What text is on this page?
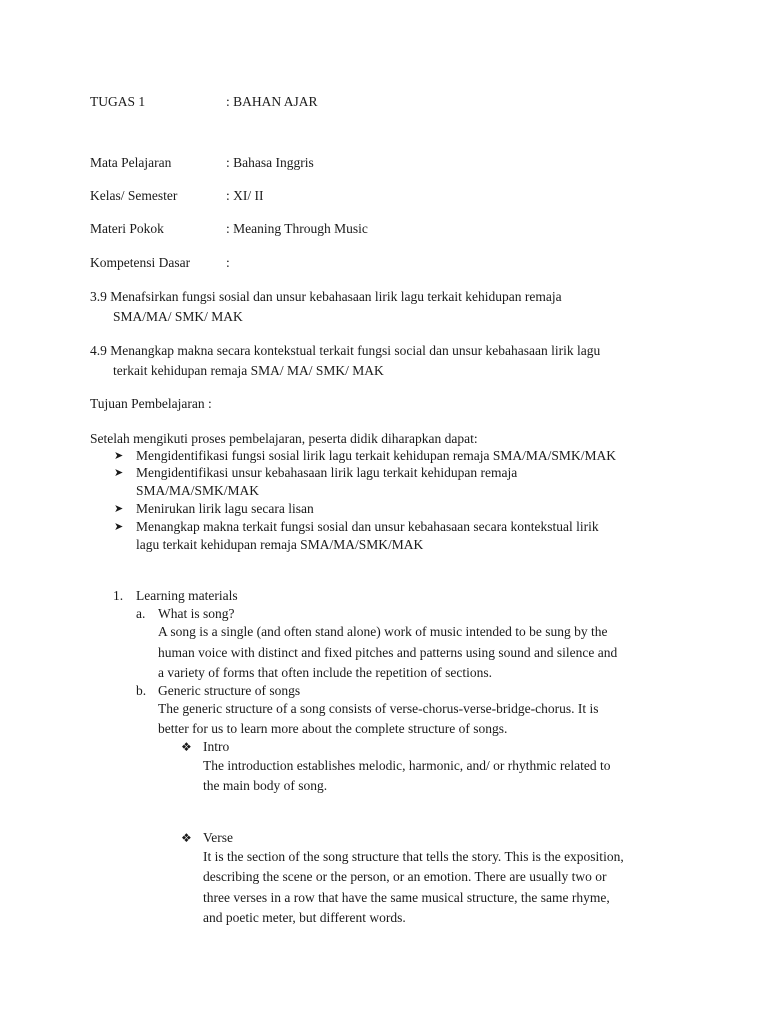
TUGAS 1	: BAHAN AJAR
Mata Pelajaran	: Bahasa Inggris
Kelas/ Semester	: XI/ II
Materi Pokok	: Meaning Through Music
Kompetensi Dasar	:
3.9 Menafsirkan fungsi sosial dan unsur kebahasaan lirik lagu terkait kehidupan remaja
SMA/MA/ SMK/ MAK
4.9 Menangkap makna secara kontekstual terkait fungsi social dan unsur kebahasaan lirik lagu
terkait kehidupan remaja SMA/ MA/ SMK/ MAK
Tujuan Pembelajaran :
Setelah mengikuti proses pembelajaran, peserta didik diharapkan dapat:
➤ Mengidentifikasi fungsi sosial lirik lagu terkait kehidupan remaja SMA/MA/SMK/MAK
➤ Mengidentifikasi unsur kebahasaan lirik lagu terkait kehidupan remaja
SMA/MA/SMK/MAK
➤ Menirukan lirik lagu secara lisan
➤ Menangkap makna terkait fungsi sosial dan unsur kebahasaan secara kontekstual lirik
lagu terkait kehidupan remaja SMA/MA/SMK/MAK
1. Learning materials
a. What is song?
A song is a single (and often stand alone) work of music intended to be sung by the
human voice with distinct and fixed pitches and patterns using sound and silence and
a variety of forms that often include the repetition of sections.
b. Generic structure of songs
The generic structure of a song consists of verse-chorus-verse-bridge-chorus. It is
better for us to learn more about the complete structure of songs.
❖ Intro
The introduction establishes melodic, harmonic, and/ or rhythmic related to
the main body of song.
❖ Verse
It is the section of the song structure that tells the story. This is the exposition,
describing the scene or the person, or an emotion. There are usually two or
three verses in a row that have the same musical structure, the same rhyme,
and poetic meter, but different words.
